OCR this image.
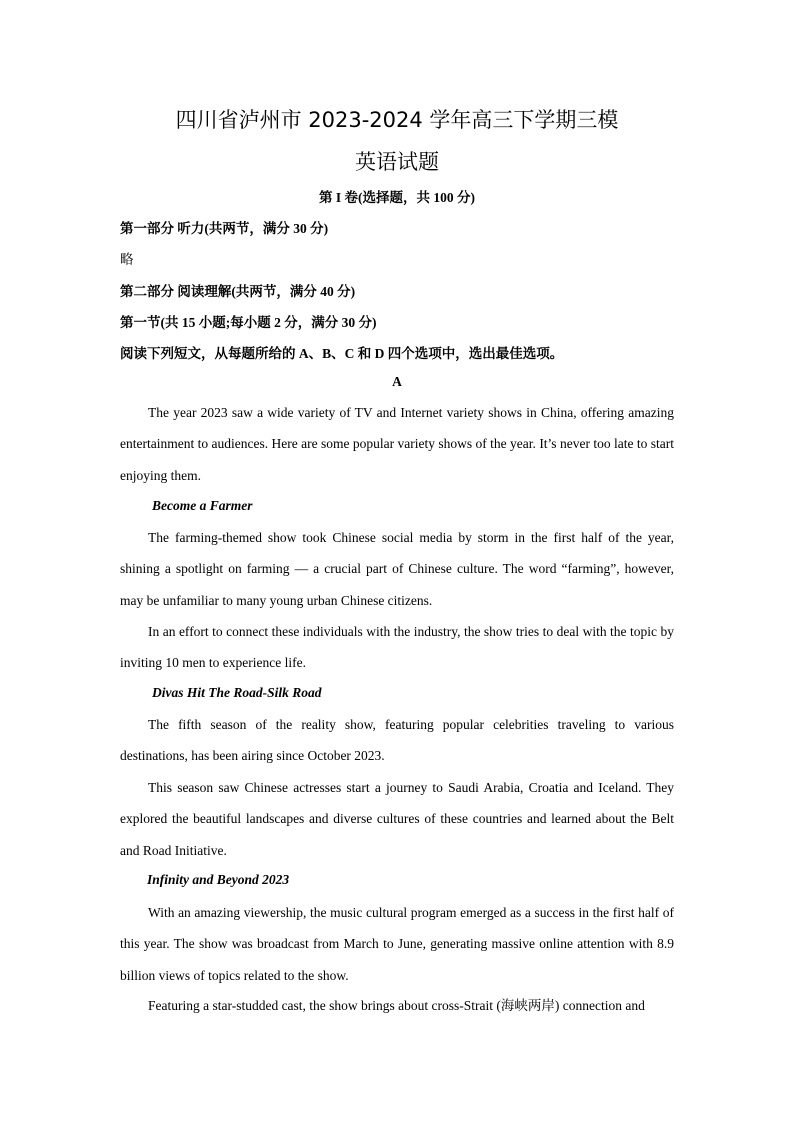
四川省泸州市 2023-2024 学年高三下学期三模
英语试题
第 I 卷(选择题，共 100 分)
第一部分 听力(共两节，满分 30 分)
略
第二部分 阅读理解(共两节，满分 40 分)
第一节(共 15 小题;每小题 2 分，满分 30 分)
阅读下列短文，从每题所给的 A、B、C 和 D 四个选项中，选出最佳选项。
A

The year 2023 saw a wide variety of TV and Internet variety shows in China, offering amazing entertainment to audiences. Here are some popular variety shows of the year. It’s never too late to start enjoying them.

Become a Farmer

The farming-themed show took Chinese social media by storm in the first half of the year, shining a spotlight on farming — a crucial part of Chinese culture. The word “farming”, however, may be unfamiliar to many young urban Chinese citizens.

In an effort to connect these individuals with the industry, the show tries to deal with the topic by inviting 10 men to experience life.

Divas Hit The Road-Silk Road

The fifth season of the reality show, featuring popular celebrities traveling to various destinations, has been airing since October 2023.

This season saw Chinese actresses start a journey to Saudi Arabia, Croatia and Iceland. They explored the beautiful landscapes and diverse cultures of these countries and learned about the Belt and Road Initiative.

Infinity and Beyond 2023

With an amazing viewership, the music cultural program emerged as a success in the first half of this year. The show was broadcast from March to June, generating massive online attention with 8.9 billion views of topics related to the show.

Featuring a star-studded cast, the show brings about cross-Strait (海峡两岸) connection and
